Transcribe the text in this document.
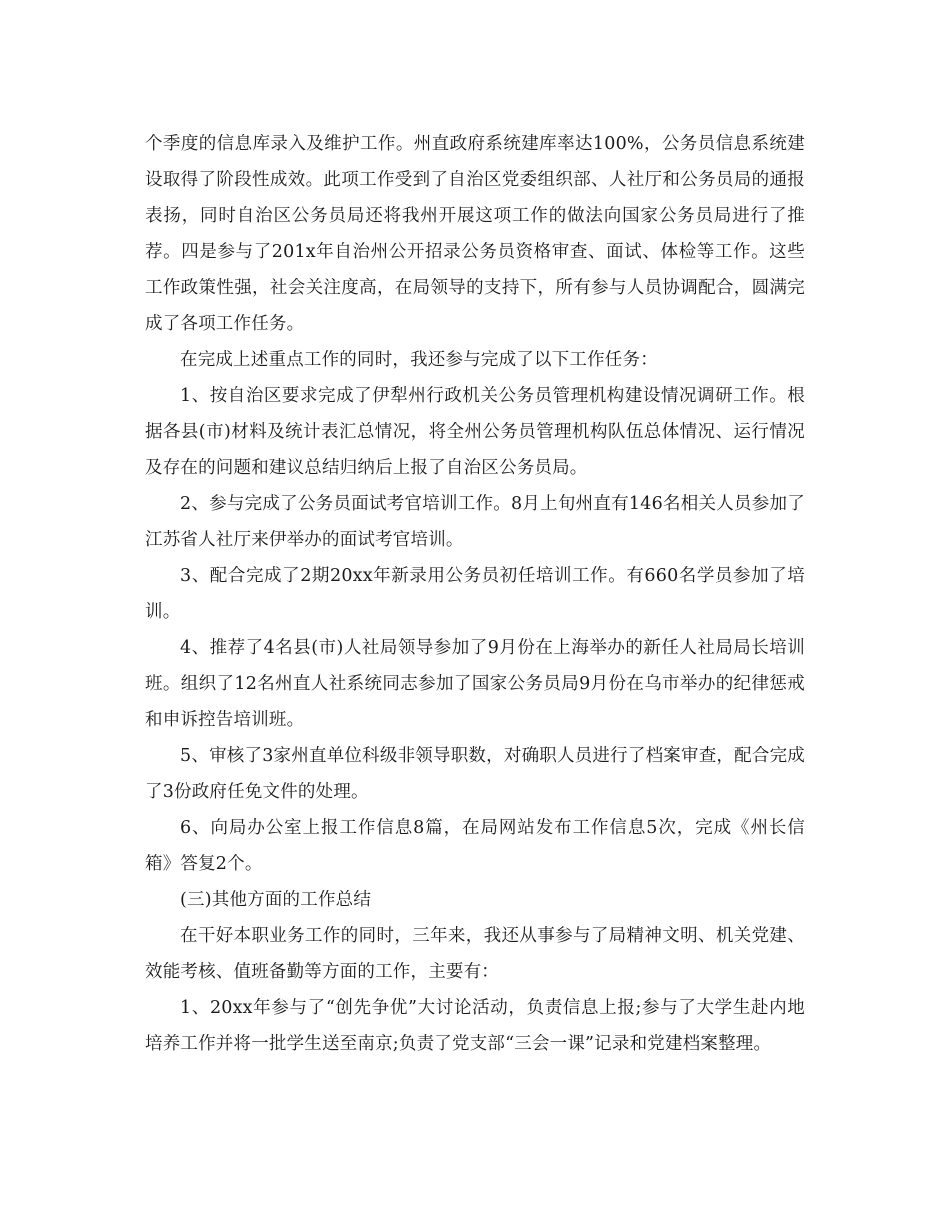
个季度的信息库录入及维护工作。州直政府系统建库率达100%，公务员信息系统建设取得了阶段性成效。此项工作受到了自治区党委组织部、人社厅和公务员局的通报表扬，同时自治区公务员局还将我州开展这项工作的做法向国家公务员局进行了推荐。四是参与了201x年自治州公开招录公务员资格审查、面试、体检等工作。这些工作政策性强，社会关注度高，在局领导的支持下，所有参与人员协调配合，圆满完成了各项工作任务。

在完成上述重点工作的同时，我还参与完成了以下工作任务：

1、按自治区要求完成了伊犁州行政机关公务员管理机构建设情况调研工作。根据各县(市)材料及统计表汇总情况，将全州公务员管理机构队伍总体情况、运行情况及存在的问题和建议总结归纳后上报了自治区公务员局。

2、参与完成了公务员面试考官培训工作。8月上旬州直有146名相关人员参加了江苏省人社厅来伊举办的面试考官培训。

3、配合完成了2期20xx年新录用公务员初任培训工作。有660名学员参加了培训。

4、推荐了4名县(市)人社局领导参加了9月份在上海举办的新任人社局局长培训班。组织了12名州直人社系统同志参加了国家公务员局9月份在乌市举办的纪律惩戒和申诉控告培训班。

5、审核了3家州直单位科级非领导职数，对确职人员进行了档案审查，配合完成了3份政府任免文件的处理。

6、向局办公室上报工作信息8篇，在局网站发布工作信息5次，完成《州长信箱》答复2个。

(三)其他方面的工作总结

在干好本职业务工作的同时，三年来，我还从事参与了局精神文明、机关党建、效能考核、值班备勤等方面的工作，主要有：

1、20xx年参与了“创先争优”大讨论活动，负责信息上报;参与了大学生赴内地培养工作并将一批学生送至南京;负责了党支部“三会一课”记录和党建档案整理。
